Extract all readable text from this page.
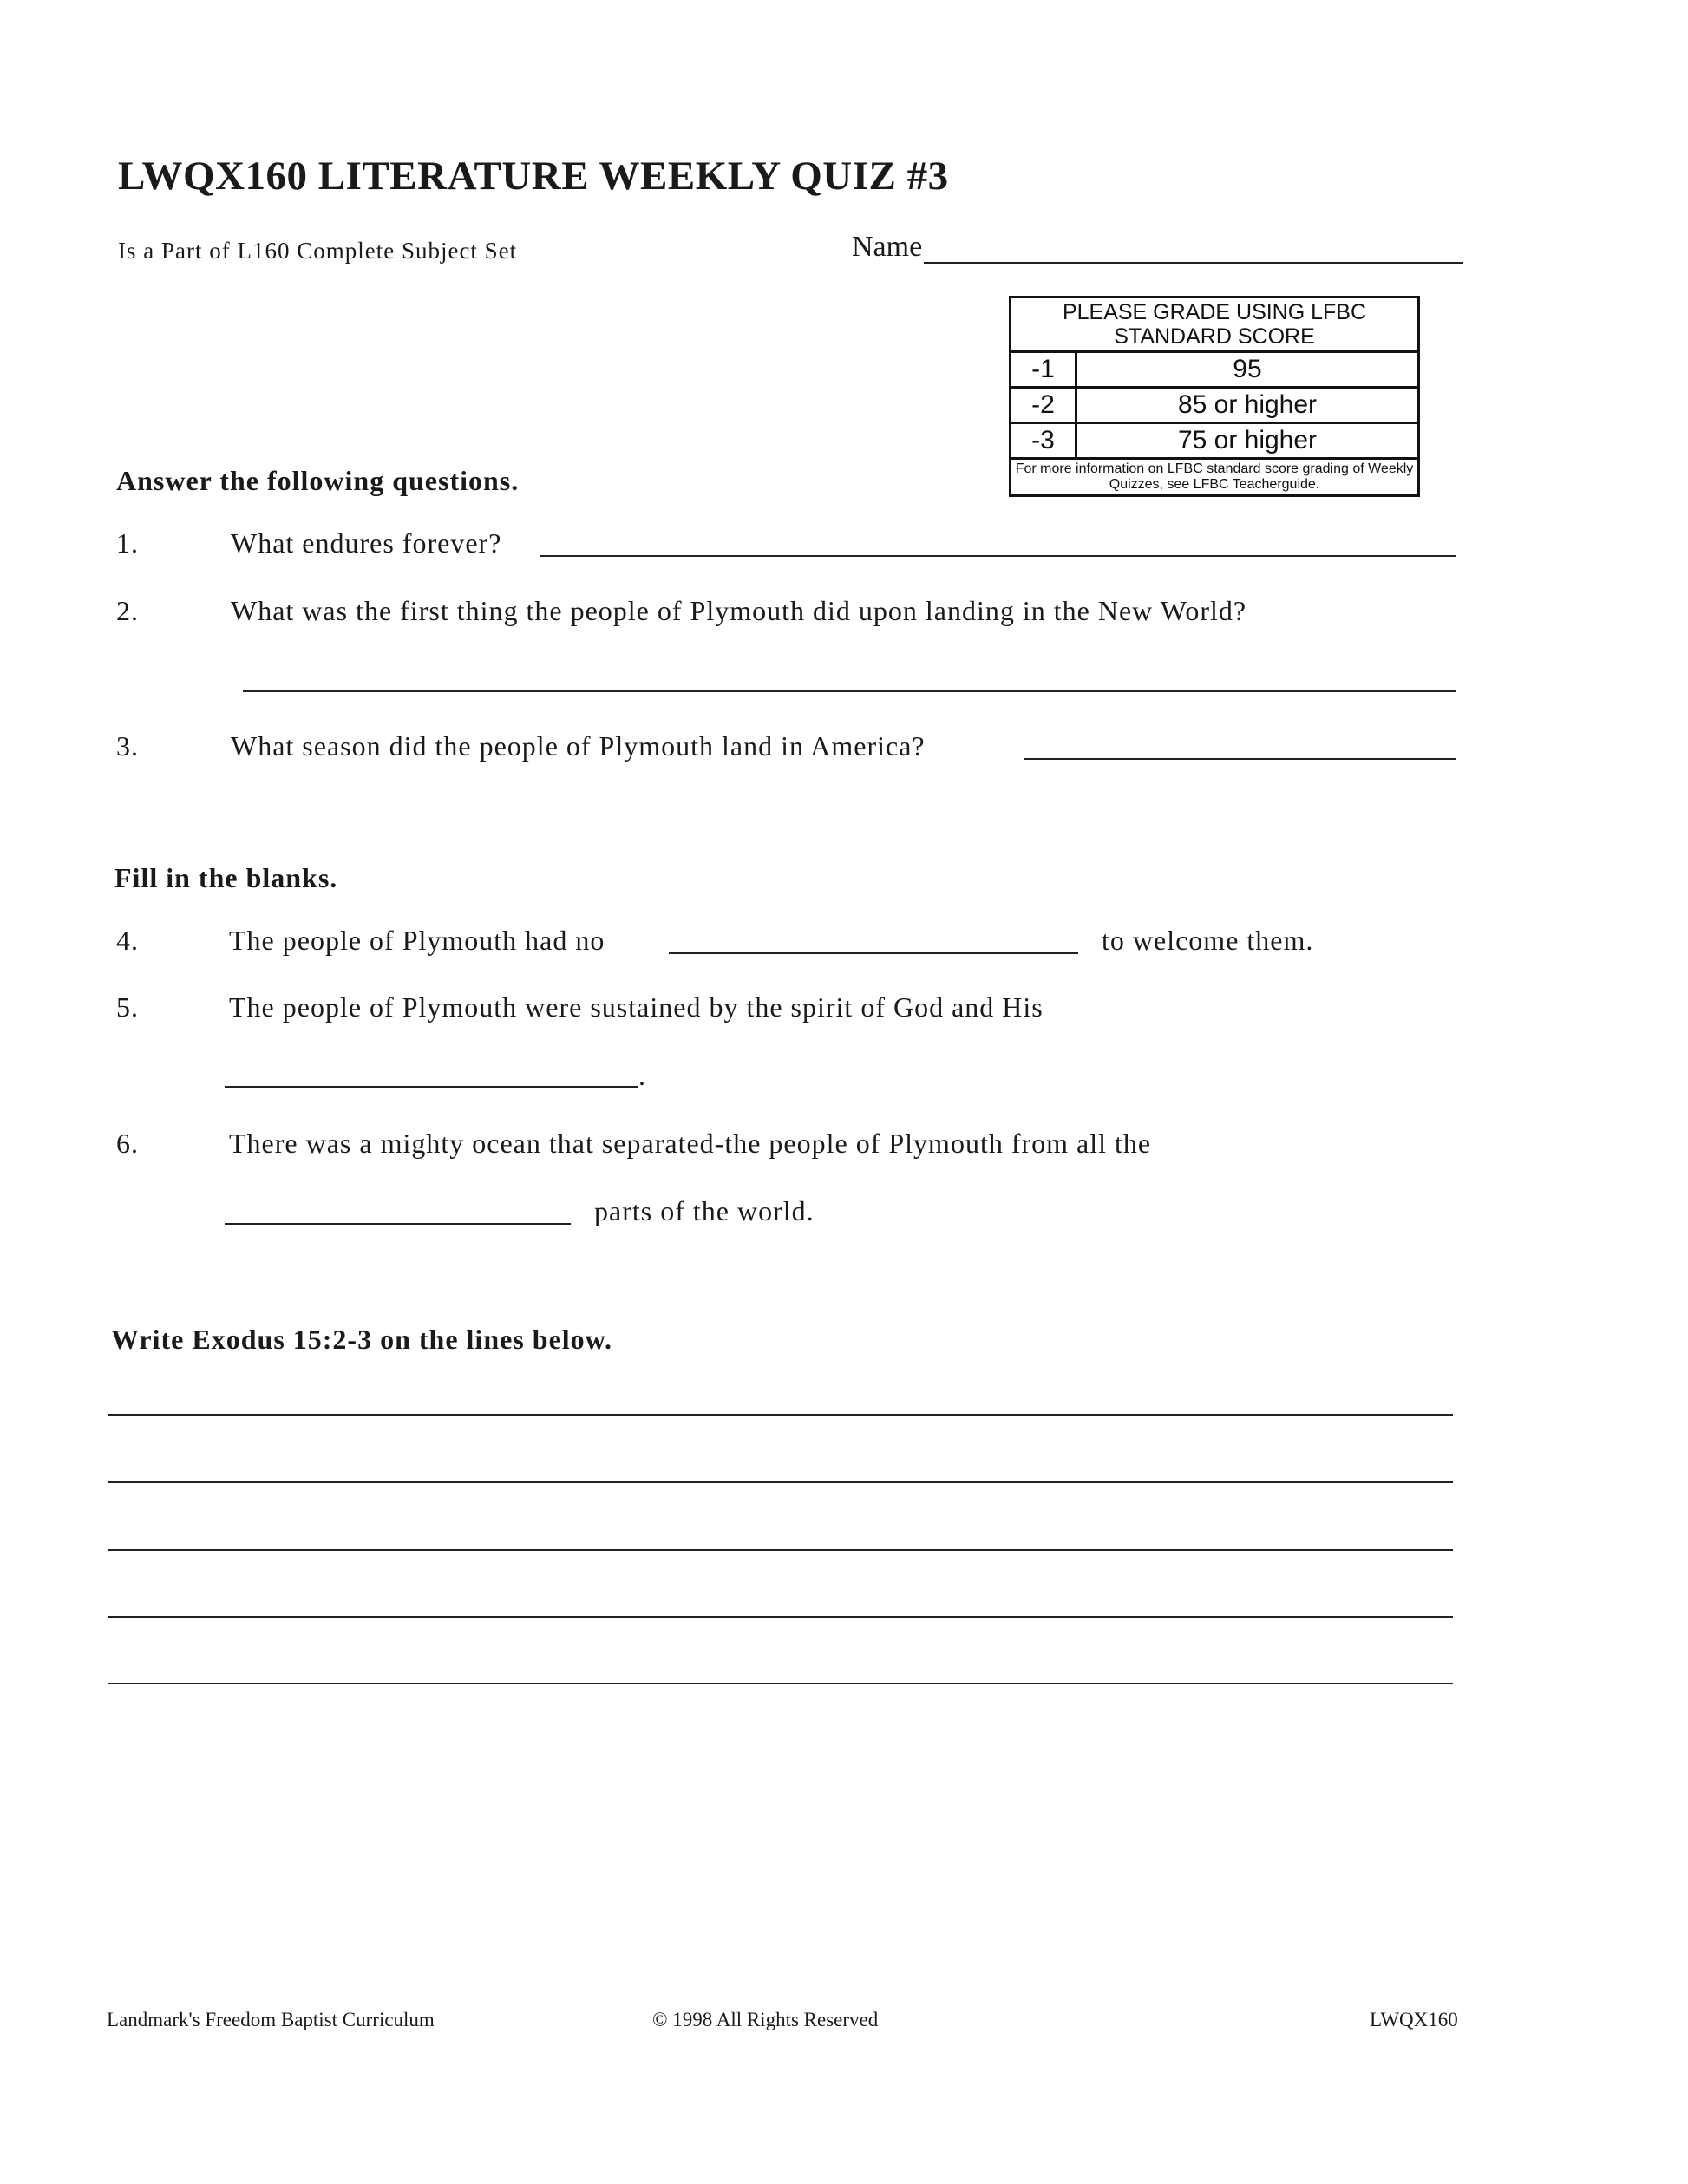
LWQX160 LITERATURE WEEKLY QUIZ #3
Is a Part of L160 Complete Subject Set	Name
PLEASE GRADE USING LFBC STANDARD SCORE	
-1	95
-2	85 or higher
-3	75 or higher
For more information on LFBC standard score grading of Weekly Quizzes, see LFBC Teacherguide.	
Answer the following questions.
1.	What endures forever?
2.	What was the first thing the people of Plymouth did upon landing in the New World?
3.	What season did the people of Plymouth land in America?
Fill in the blanks.
4.	The people of Plymouth had no	to welcome them.
5.	The people of Plymouth were sustained by the spirit of God and His
.
6.	There was a mighty ocean that separated-the people of Plymouth from all the
parts of the world.
Write Exodus 15:2-3 on the lines below.
Landmark's Freedom Baptist Curriculum	© 1998 All Rights Reserved	LWQX160
